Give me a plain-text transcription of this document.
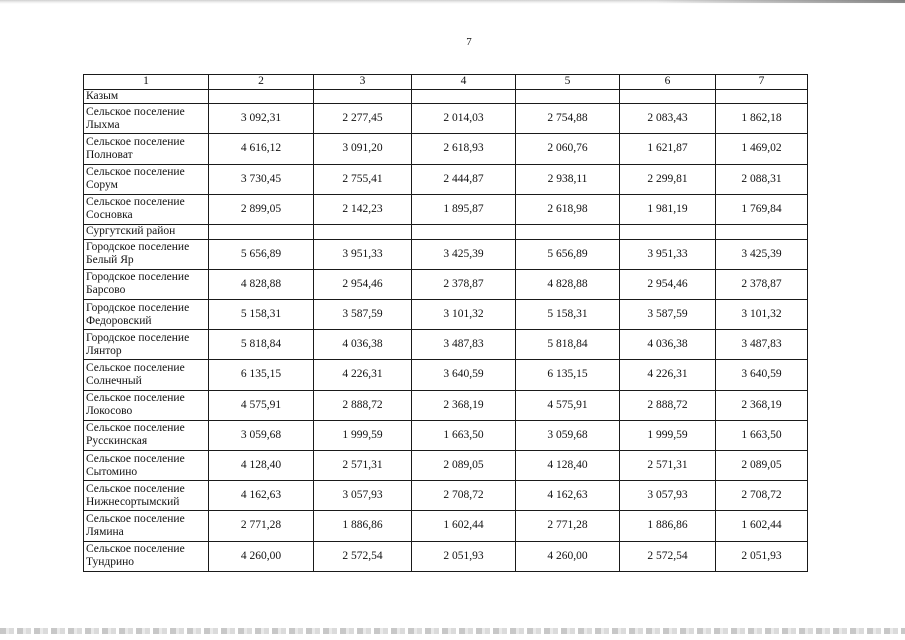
7
1	2	3	4	5	6	7

Казым						

Сельское поселение
Лыхма	3 092,31	2 277,45	2 014,03	2 754,88	2 083,43	1 862,18

Сельское поселение
Полноват	4 616,12	3 091,20	2 618,93	2 060,76	1 621,87	1 469,02

Сельское поселение
Сорум	3 730,45	2 755,41	2 444,87	2 938,11	2 299,81	2 088,31

Сельское поселение
Сосновка	2 899,05	2 142,23	1 895,87	2 618,98	1 981,19	1 769,84

Сургутский район						

Городское поселение
Белый Яр	5 656,89	3 951,33	3 425,39	5 656,89	3 951,33	3 425,39

Городское поселение
Барсово	4 828,88	2 954,46	2 378,87	4 828,88	2 954,46	2 378,87

Городское поселение
Федоровский	5 158,31	3 587,59	3 101,32	5 158,31	3 587,59	3 101,32

Городское поселение
Лянтор	5 818,84	4 036,38	3 487,83	5 818,84	4 036,38	3 487,83

Сельское поселение
Солнечный	6 135,15	4 226,31	3 640,59	6 135,15	4 226,31	3 640,59

Сельское поселение
Локосово	4 575,91	2 888,72	2 368,19	4 575,91	2 888,72	2 368,19

Сельское поселение
Русскинская	3 059,68	1 999,59	1 663,50	3 059,68	1 999,59	1 663,50

Сельское поселение
Сытомино	4 128,40	2 571,31	2 089,05	4 128,40	2 571,31	2 089,05

Сельское поселение
Нижнесортымский	4 162,63	3 057,93	2 708,72	4 162,63	3 057,93	2 708,72

Сельское поселение
Лямина	2 771,28	1 886,86	1 602,44	2 771,28	1 886,86	1 602,44

Сельское поселение
Тундрино	4 260,00	2 572,54	2 051,93	4 260,00	2 572,54	2 051,93
